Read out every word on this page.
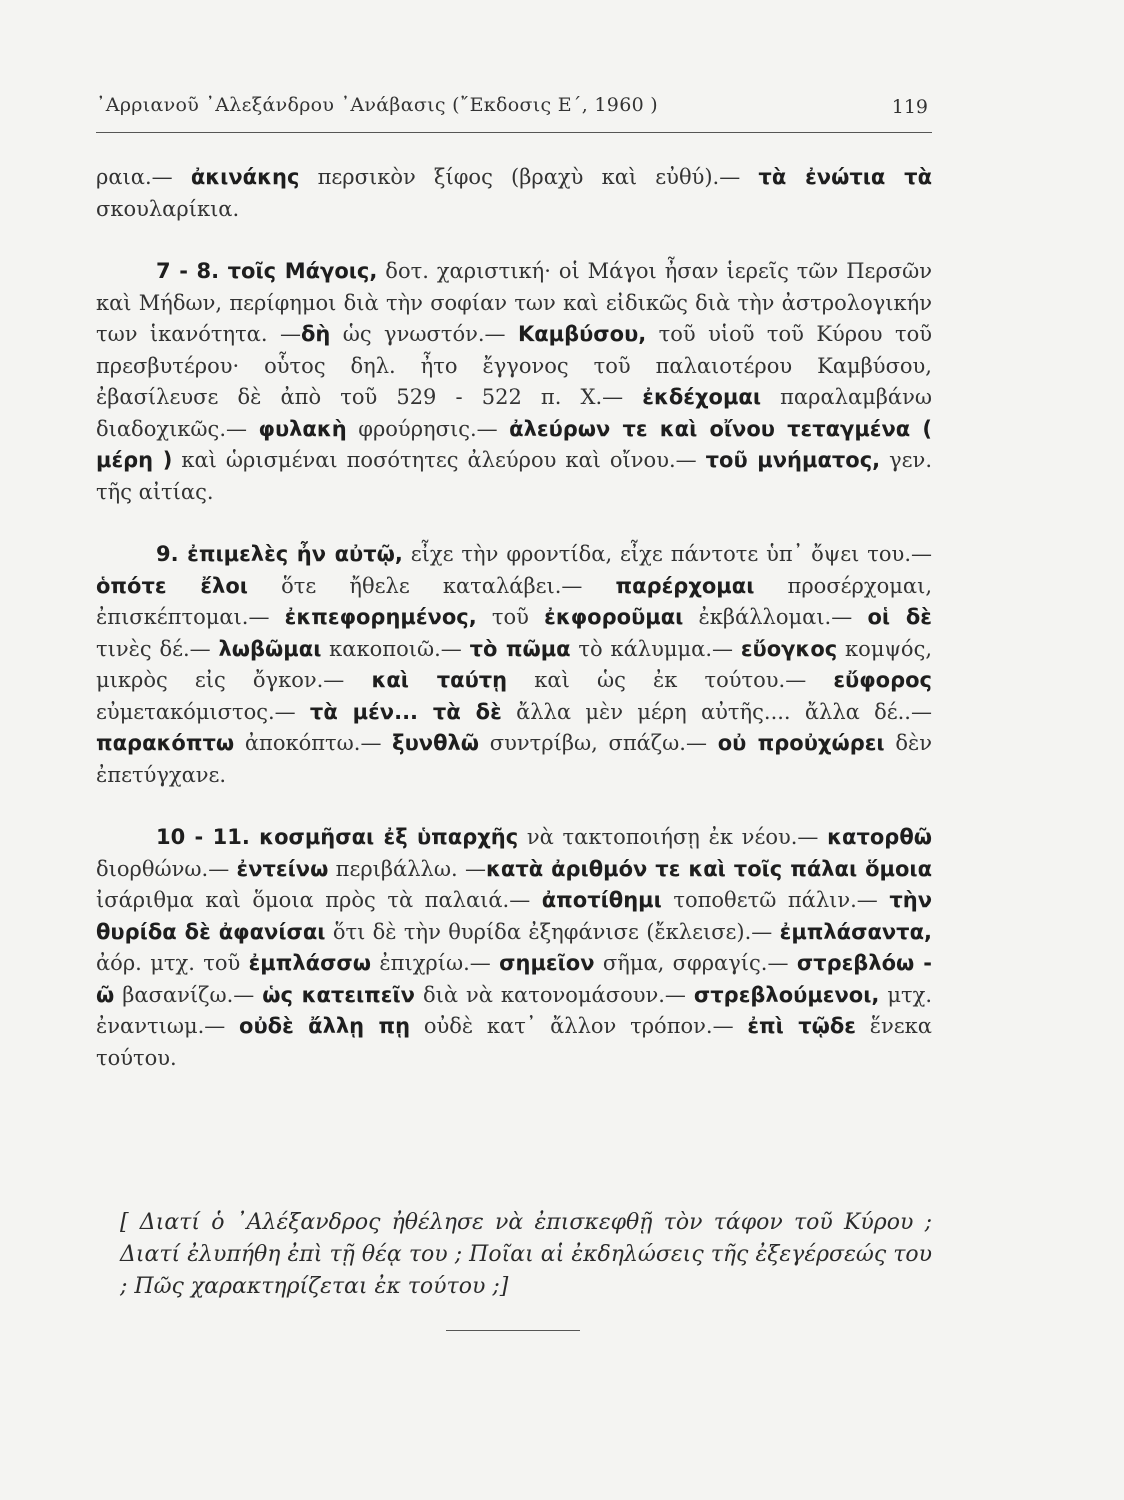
᾿Αρριανοῦ ᾿Αλεξάνδρου ᾿Ανάβασις (῎Εκδοσις Ε΄, 1960 )	119

ραια.— ἀκινάκης περσικὸν ξίφος (βραχὺ καὶ εὐθύ).— τὰ ἐνώτια τὰ σκουλαρίκια.

7 - 8. τοῖς Μάγοις, δοτ. χαριστική· οἱ Μάγοι ἦσαν ἱερεῖς τῶν Περσῶν καὶ Μήδων, περίφημοι διὰ τὴν σοφίαν των καὶ εἰδικῶς διὰ τὴν ἀστρολογικήν των ἱκανότητα. —δὴ ὡς γνωστόν.— Καμβύσου, τοῦ υἱοῦ τοῦ Κύρου τοῦ πρεσβυτέρου· οὗτος δηλ. ἦτο ἔγγονος τοῦ παλαιοτέρου Καμβύσου, ἐβασίλευσε δὲ ἀπὸ τοῦ 529 - 522 π. Χ.— ἐκδέχομαι παραλαμβάνω διαδοχικῶς.— φυλακὴ φρούρησις.— ἀλεύρων τε καὶ οἴνου τεταγμένα ( μέρη ) καὶ ὡρισμέναι ποσότητες ἀλεύρου καὶ οἴνου.— τοῦ μνήματος, γεν. τῆς αἰτίας.

9. ἐπιμελὲς ἦν αὐτῷ, εἶχε τὴν φροντίδα, εἶχε πάντοτε ὑπ᾿ ὄψει του.— ὁπότε ἔλοι ὅτε ἤθελε καταλάβει.— παρέρχομαι προσέρχομαι, ἐπισκέπτομαι.— ἐκπεφορημένος, τοῦ ἐκφοροῦμαι ἐκβάλλομαι.— οἱ δὲ τινὲς δέ.— λωβῶμαι κακοποιῶ.— τὸ πῶμα τὸ κάλυμμα.— εὔογκος κομψός, μικρὸς εἰς ὄγκον.— καὶ ταύτῃ καὶ ὡς ἐκ τούτου.— εὔφορος εὐμετακόμιστος.— τὰ μέν... τὰ δὲ ἄλλα μὲν μέρη αὐτῆς.... ἄλλα δέ..— παρακόπτω ἀποκόπτω.— ξυνθλῶ συντρίβω, σπάζω.— οὐ προὐχώρει δὲν ἐπετύγχανε.

10 - 11. κοσμῆσαι ἐξ ὑπαρχῆς νὰ τακτοποιήσῃ ἐκ νέου.— κατορθῶ διορθώνω.— ἐντείνω περιβάλλω. —κατὰ ἀριθμόν τε καὶ τοῖς πάλαι ὅμοια ἰσάριθμα καὶ ὅμοια πρὸς τὰ παλαιά.— ἀποτίθημι τοποθετῶ πάλιν.— τὴν θυρίδα δὲ ἀφανίσαι ὅτι δὲ τὴν θυρίδα ἐξηφάνισε (ἔκλεισε).— ἐμπλάσαντα, ἀόρ. μτχ. τοῦ ἐμπλάσσω ἐπιχρίω.— σημεῖον σῆμα, σφραγίς.— στρεβλόω - ῶ βασανίζω.— ὡς κατειπεῖν διὰ νὰ κατονομάσουν.— στρεβλούμενοι, μτχ. ἐναντιωμ.— οὐδὲ ἄλλῃ πῃ οὐδὲ κατ᾿ ἄλλον τρόπον.— ἐπὶ τῷδε ἕνεκα τούτου.

[ Διατί ὁ ᾿Αλέξανδρος ἠθέλησε νὰ ἐπισκεφθῇ τὸν τάφον τοῦ Κύρου ; Διατί ἐλυπήθη ἐπὶ τῇ θέᾳ του ; Ποῖαι αἱ ἐκδηλώσεις τῆς ἐξεγέρσεώς του ; Πῶς χαρακτηρίζεται ἐκ τούτου ;]
